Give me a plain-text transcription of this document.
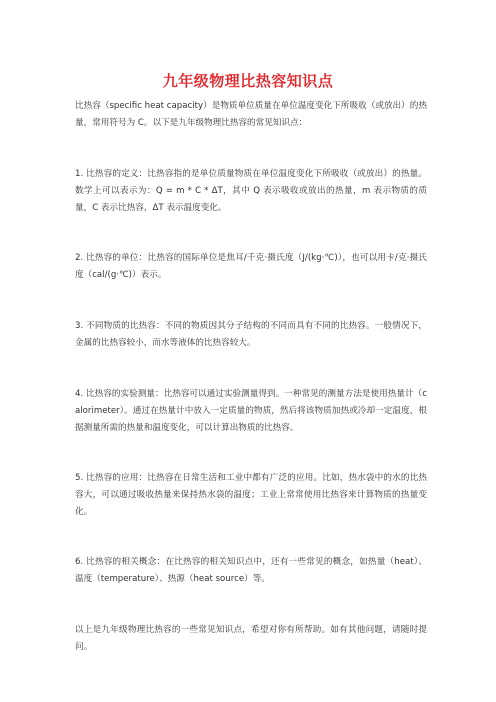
九年级物理比热容知识点

比热容（specific heat capacity）是物质单位质量在单位温度变化下所吸收（或放出）的热量，常用符号为 C。以下是九年级物理比热容的常见知识点：

1. 比热容的定义：比热容指的是单位质量物质在单位温度变化下所吸收（或放出）的热量。数学上可以表示为：Q = m * C * ΔT，其中 Q 表示吸收或放出的热量，m 表示物质的质量，C 表示比热容，ΔT 表示温度变化。

2. 比热容的单位：比热容的国际单位是焦耳/千克·摄氏度（J/(kg·℃)），也可以用卡/克·摄氏度（cal/(g·℃)）表示。

3. 不同物质的比热容：不同的物质因其分子结构的不同而具有不同的比热容。一般情况下，金属的比热容较小，而水等液体的比热容较大。

4. 比热容的实验测量：比热容可以通过实验测量得到。一种常见的测量方法是使用热量计（calorimeter）。通过在热量计中放入一定质量的物质，然后将该物质加热或冷却一定温度，根据测量所需的热量和温度变化，可以计算出物质的比热容。

5. 比热容的应用：比热容在日常生活和工业中都有广泛的应用。比如，热水袋中的水的比热容大，可以通过吸收热量来保持热水袋的温度；工业上常常使用比热容来计算物质的热量变化。

6. 比热容的相关概念：在比热容的相关知识点中，还有一些常见的概念，如热量（heat）、温度（temperature）、热源（heat source）等。

以上是九年级物理比热容的一些常见知识点，希望对你有所帮助。如有其他问题，请随时提问。
